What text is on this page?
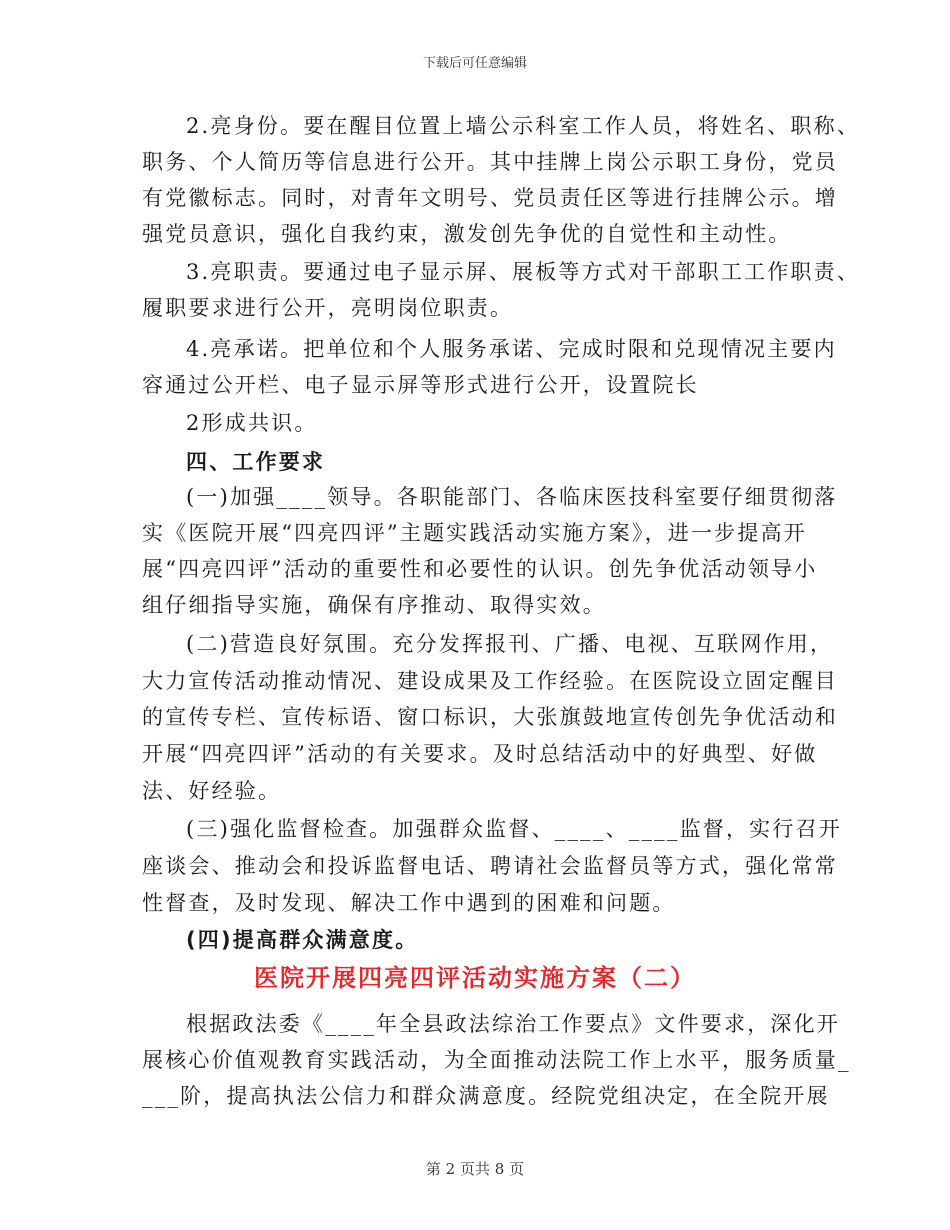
下载后可任意编辑
2.亮身份。要在醒目位置上墙公示科室工作人员，将姓名、职称、
职务、个人简历等信息进行公开。其中挂牌上岗公示职工身份，党员
有党徽标志。同时，对青年文明号、党员责任区等进行挂牌公示。增
强党员意识，强化自我约束，激发创先争优的自觉性和主动性。
3.亮职责。要通过电子显示屏、展板等方式对干部职工工作职责、
履职要求进行公开，亮明岗位职责。
4.亮承诺。把单位和个人服务承诺、完成时限和兑现情况主要内
容通过公开栏、电子显示屏等形式进行公开，设置院长
2形成共识。
四、工作要求
(一)加强____领导。各职能部门、各临床医技科室要仔细贯彻落
实《医院开展“四亮四评”主题实践活动实施方案》，进一步提高开
展“四亮四评”活动的重要性和必要性的认识。创先争优活动领导小
组仔细指导实施，确保有序推动、取得实效。
(二)营造良好氛围。充分发挥报刊、广播、电视、互联网作用，
大力宣传活动推动情况、建设成果及工作经验。在医院设立固定醒目
的宣传专栏、宣传标语、窗口标识，大张旗鼓地宣传创先争优活动和
开展“四亮四评”活动的有关要求。及时总结活动中的好典型、好做
法、好经验。
(三)强化监督检查。加强群众监督、____、____监督，实行召开
座谈会、推动会和投诉监督电话、聘请社会监督员等方式，强化常常
性督查，及时发现、解决工作中遇到的困难和问题。
(四)提高群众满意度。
医院开展四亮四评活动实施方案（二）
根据政法委《____年全县政法综治工作要点》文件要求，深化开
展核心价值观教育实践活动，为全面推动法院工作上水平，服务质量_
___阶，提高执法公信力和群众满意度。经院党组决定，在全院开展
第 2 页共 8 页
